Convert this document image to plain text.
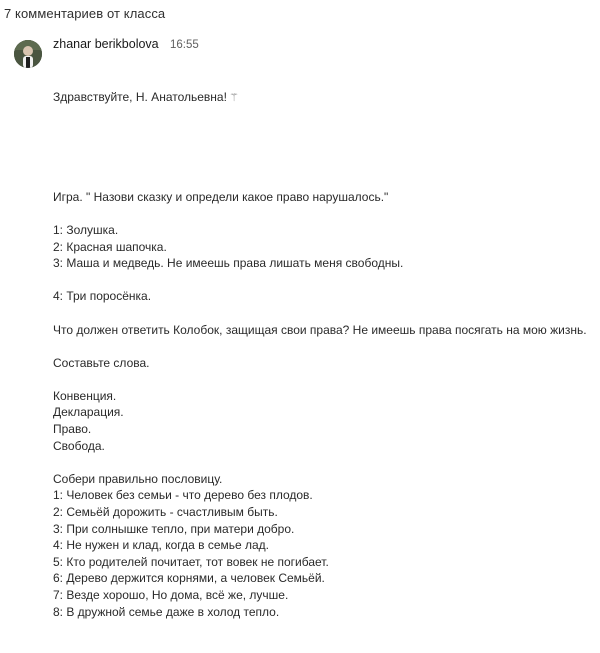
7 комментариев от класса
zhanar berikbolova 16:55

Здравствуйте, Н. Анатольевна! ⚚

Игра. " Назови сказку и определи какое право нарушалось."
1: Золушка.
2: Красная шапочка.
3: Маша и медведь. Не имеешь права лишать меня свободны.
4: Три поросёнка.
Что должен ответить Колобок, защищая свои права? Не имеешь права посягать на мою жизнь.
Составьте слова.
Конвенция.
Декларация.
Право.
Свобода.
Собери правильно пословицу.
1: Человек без семьи - что дерево без плодов.
2: Семьёй дорожить - счастливым быть.
3: При солнышке тепло, при матери добро.
4: Не нужен и клад, когда в семье лад.
5: Кто родителей почитает, тот вовек не погибает.
6: Дерево держится корнями, а человек Семьёй.
7: Везде хорошо, Но дома, всё же, лучше.
8: В дружной семье даже в холод тепло.
